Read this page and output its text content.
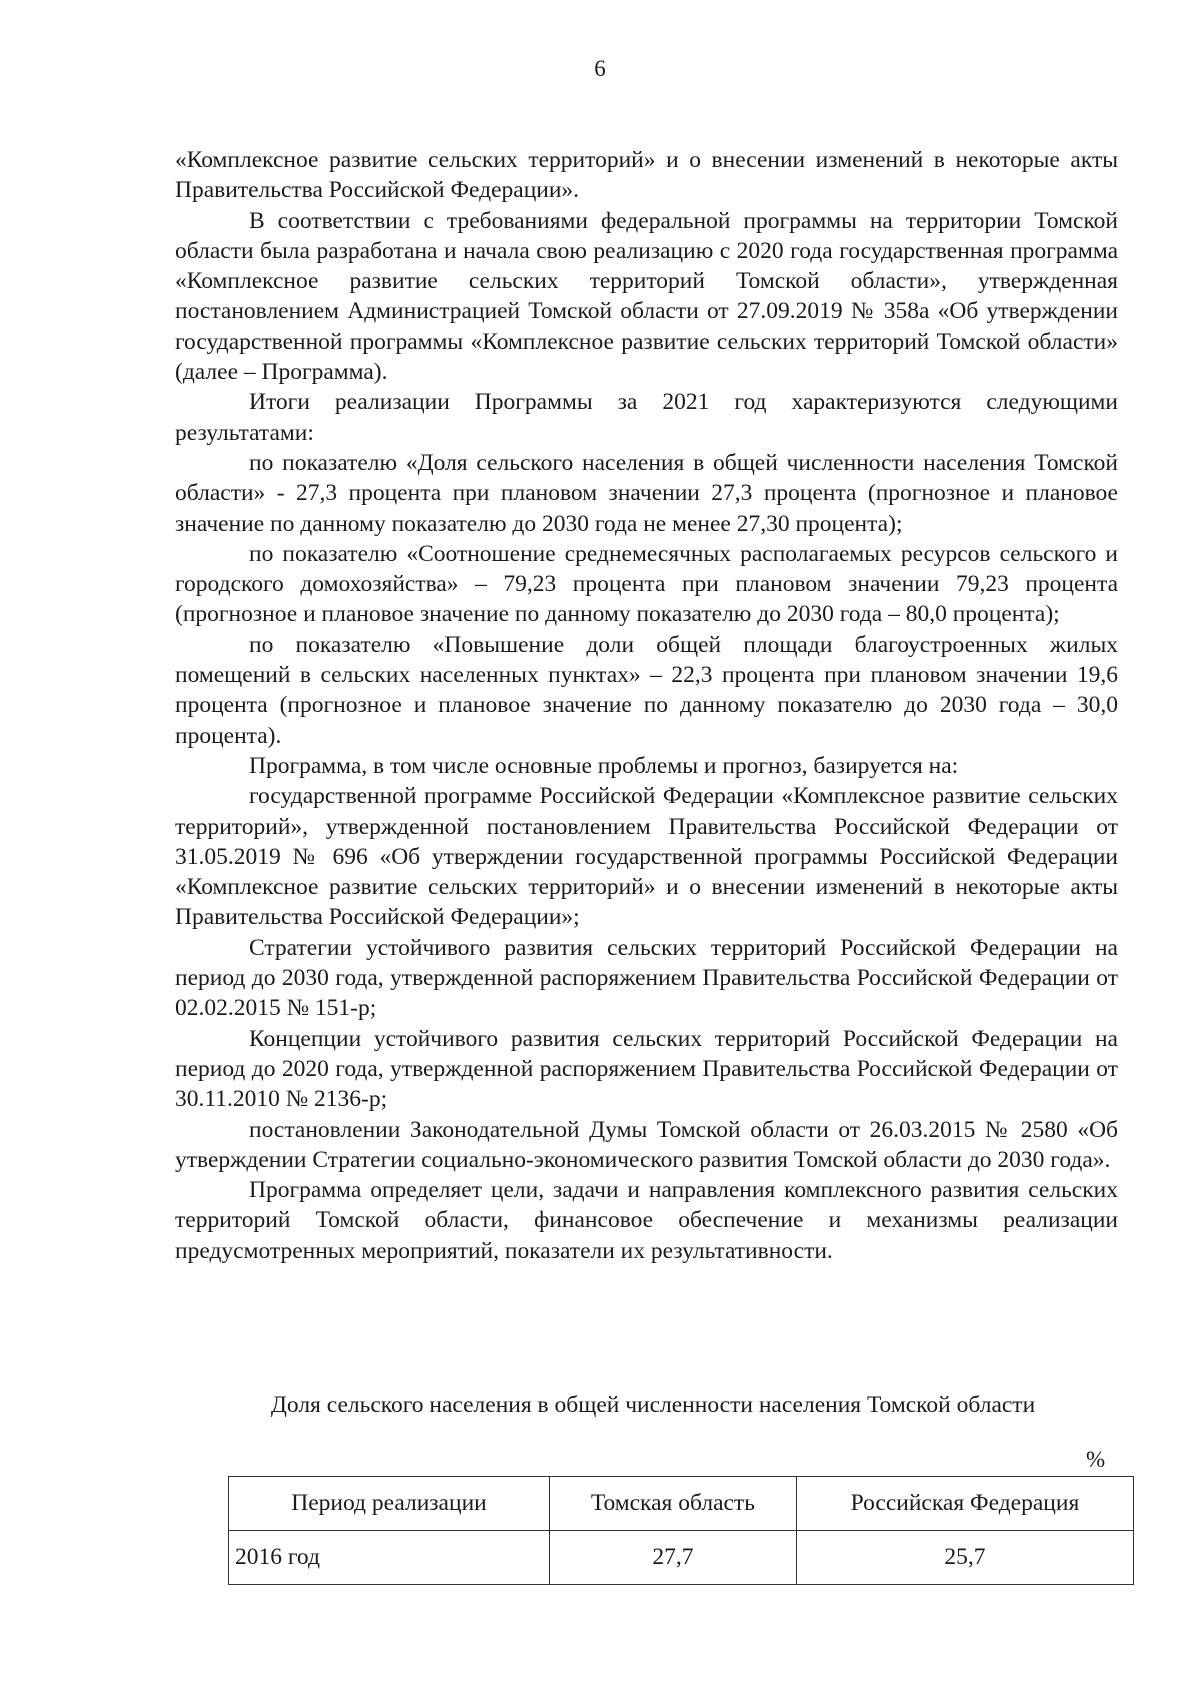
6

«Комплексное развитие сельских территорий» и о внесении изменений в некоторые акты Правительства Российской Федерации».

В соответствии с требованиями федеральной программы на территории Томской области была разработана и начала свою реализацию с 2020 года государственная программа «Комплексное развитие сельских территорий Томской области», утвержденная постановлением Администрацией Томской области от 27.09.2019 № 358а «Об утверждении государственной программы «Комплексное развитие сельских территорий Томской области» (далее – Программа).

Итоги реализации Программы за 2021 год характеризуются следующими результатами:

по показателю «Доля сельского населения в общей численности населения Томской области» - 27,3 процента при плановом значении 27,3 процента (прогнозное и плановое значение по данному показателю до 2030 года не менее 27,30 процента);

по показателю «Соотношение среднемесячных располагаемых ресурсов сельского и городского домохозяйства» – 79,23 процента при плановом значении 79,23 процента (прогнозное и плановое значение по данному показателю до 2030 года – 80,0 процента);

по показателю «Повышение доли общей площади благоустроенных жилых помещений в сельских населенных пунктах» – 22,3 процента при плановом значении 19,6 процента (прогнозное и плановое значение по данному показателю до 2030 года – 30,0 процента).

Программа, в том числе основные проблемы и прогноз, базируется на:

государственной программе Российской Федерации «Комплексное развитие сельских территорий», утвержденной постановлением Правительства Российской Федерации от 31.05.2019 № 696 «Об утверждении государственной программы Российской Федерации «Комплексное развитие сельских территорий» и о внесении изменений в некоторые акты Правительства Российской Федерации»;

Стратегии устойчивого развития сельских территорий Российской Федерации на период до 2030 года, утвержденной распоряжением Правительства Российской Федерации от 02.02.2015 № 151-р;

Концепции устойчивого развития сельских территорий Российской Федерации на период до 2020 года, утвержденной распоряжением Правительства Российской Федерации от 30.11.2010 № 2136-р;

постановлении Законодательной Думы Томской области от 26.03.2015 № 2580 «Об утверждении Стратегии социально-экономического развития Томской области до 2030 года».

Программа определяет цели, задачи и направления комплексного развития сельских территорий Томской области, финансовое обеспечение и механизмы реализации предусмотренных мероприятий, показатели их результативности.

Доля сельского населения в общей численности населения Томской области
%
Период реализации	Томская область	Российская Федерация
2016 год	27,7	25,7
